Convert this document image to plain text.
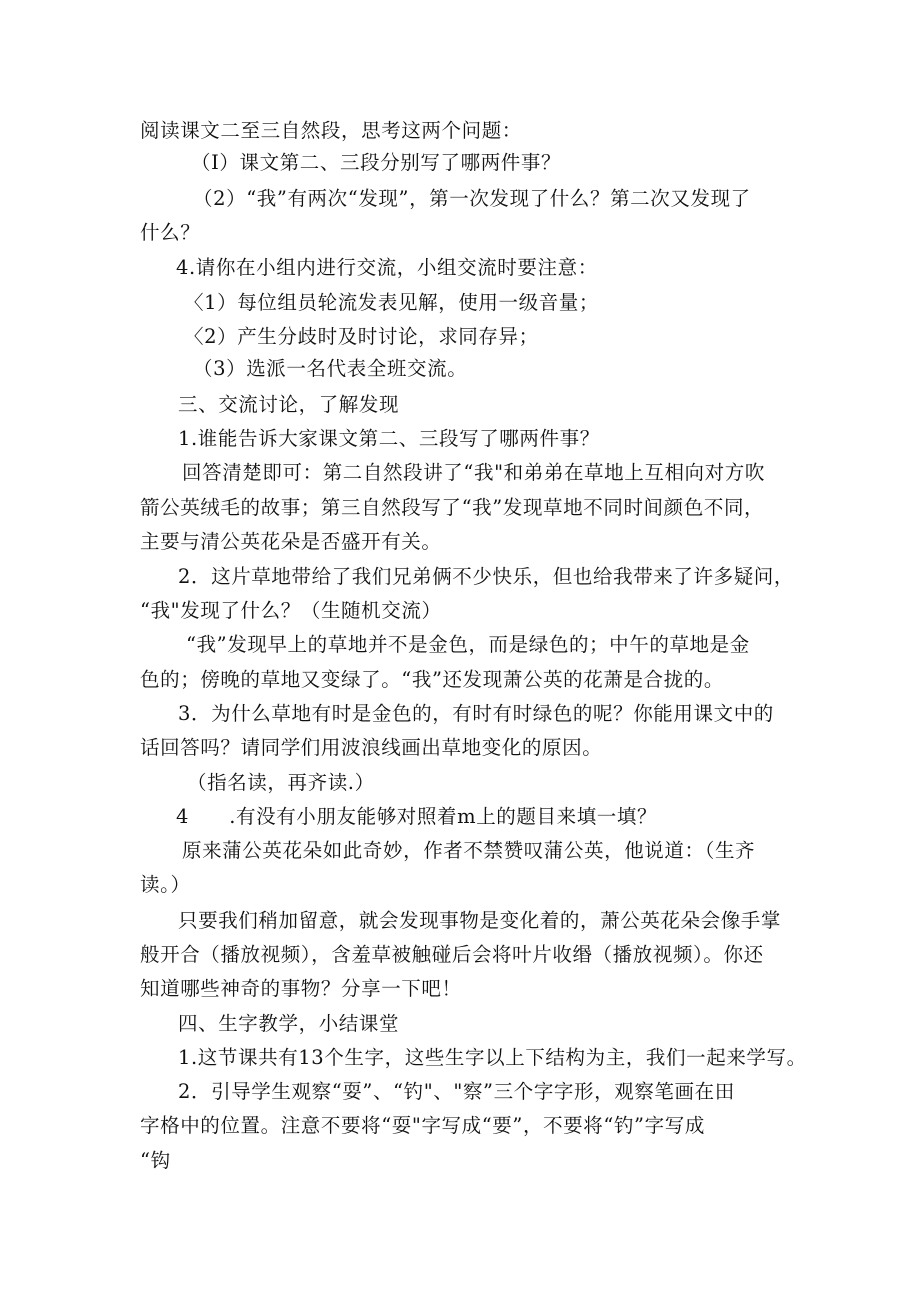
阅读课文二至三自然段，思考这两个问题：
（I）课文第二、三段分别写了哪两件事？
（2）“我”有两次“发现”，第一次发现了什么？第二次又发现了
什么？
4.请你在小组内进行交流，小组交流时要注意：
〈1）每位组员轮流发表见解，使用一级音量；
〈2）产生分歧时及时讨论，求同存异；
（3）选派一名代表全班交流。
三、交流讨论，了解发现
1.谁能告诉大家课文第二、三段写了哪两件事？
回答清楚即可：第二自然段讲了“我"和弟弟在草地上互相向对方吹
箭公英绒毛的故事；第三自然段写了“我”发现草地不同时间颜色不同，
主要与清公英花朵是否盛开有关。
2．这片草地带给了我们兄弟俩不少快乐，但也给我带来了许多疑问，
“我"发现了什么？（生随机交流）
“我”发现早上的草地并不是金色，而是绿色的；中午的草地是金
色的；傍晚的草地又变绿了。“我”还发现萧公英的花萧是合拢的。
3．为什么草地有时是金色的，有时有时绿色的呢？你能用课文中的
话回答吗？请同学们用波浪线画出草地变化的原因。
（指名读，再齐读.）
4　　.有没有小朋友能够对照着m上的题目来填一填？
原来蒲公英花朵如此奇妙，作者不禁赞叹蒲公英，他说道：（生齐
读。）
只要我们稍加留意，就会发现事物是变化着的，萧公英花朵会像手掌
般开合（播放视频），含羞草被触碰后会将叶片收缗（播放视频）。你还
知道哪些神奇的事物？分享一下吧！
四、生字教学，小结课堂
1.这节课共有13个生字，这些生字以上下结构为主，我们一起来学写。
2．引导学生观察“耍”、“钓"、"察”三个字字形，观察笔画在田
字格中的位置。注意不要将“耍"字写成“要”，不要将“钓”字写成
“钩
